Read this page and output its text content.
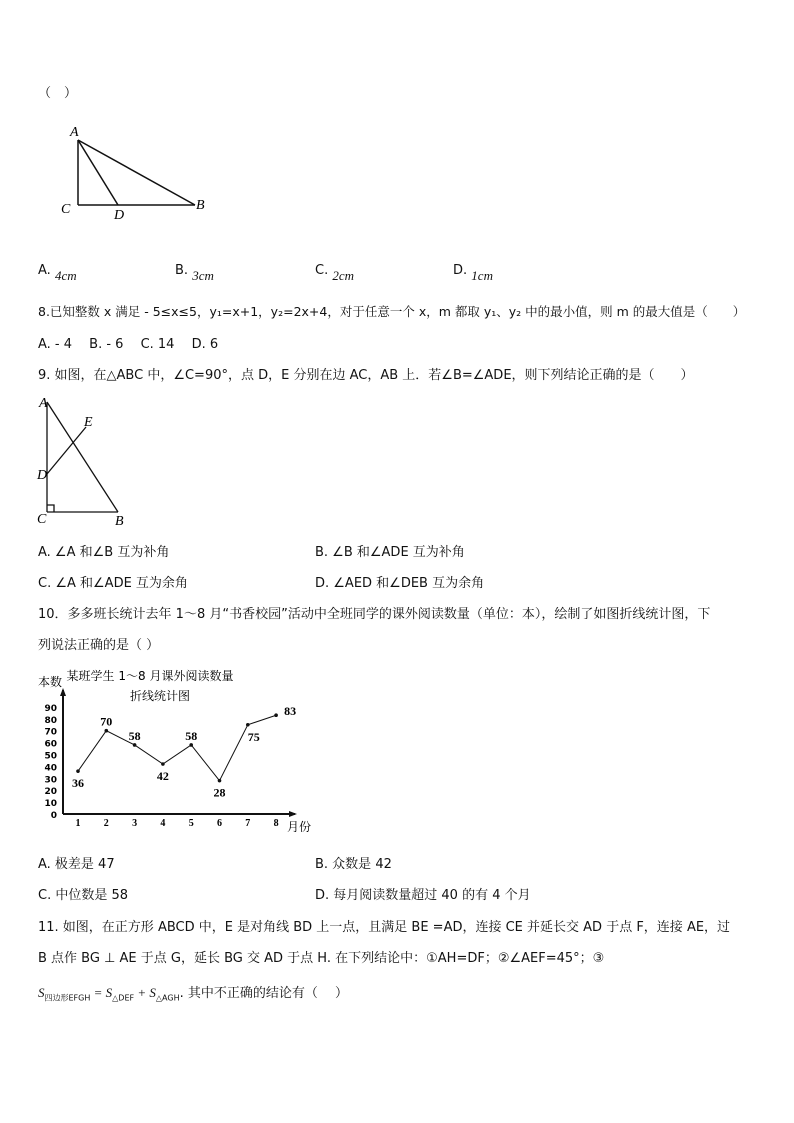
（　）
A
C	D
B
A
D
E
C	B
某班学生 1～8 月课外阅读数量
折线统计图
本数
月份
0
10
20
30
40
50
60
70
80
90
1 2 3 4 5 6 7 8
36
70
58
42
58
28
75
83
A. 4cm	B. 3cm	C. 2cm	D. 1cm
8.已知整数 x 满足 - 5≤x≤5，y₁=x+1，y₂=2x+4，对于任意一个 x，m 都取 y₁、y₂ 中的最小值，则 m 的最大值是（　　）
A. - 4　 B. - 6　 C. 14　 D. 6
9. 如图，在△ABC 中，∠C=90°，点 D，E 分别在边 AC，AB 上．若∠B=∠ADE，则下列结论正确的是（　　）
A. ∠A 和∠B 互为补角	B. ∠B 和∠ADE 互为补角
C. ∠A 和∠ADE 互为余角	D. ∠AED 和∠DEB 互为余角
10．多多班长统计去年 1～8 月“书香校园”活动中全班同学的课外阅读数量（单位：本），绘制了如图折线统计图，下
列说法正确的是（ ）
A. 极差是 47	B. 众数是 42
C. 中位数是 58	D. 每月阅读数量超过 40 的有 4 个月
11. 如图，在正方形 ABCD 中，E 是对角线 BD 上一点，且满足 BE =AD，连接 CE 并延长交 AD 于点 F，连接 AE，过
B 点作 BG ⊥ AE 于点 G，延长 BG 交 AD 于点 H. 在下列结论中：①AH=DF；②∠AEF=45°；③
$S_{四边形EFGH} = S_{\triangle DEF} + S_{\triangle AGH}$. 其中不正确的结论有（　 ）
